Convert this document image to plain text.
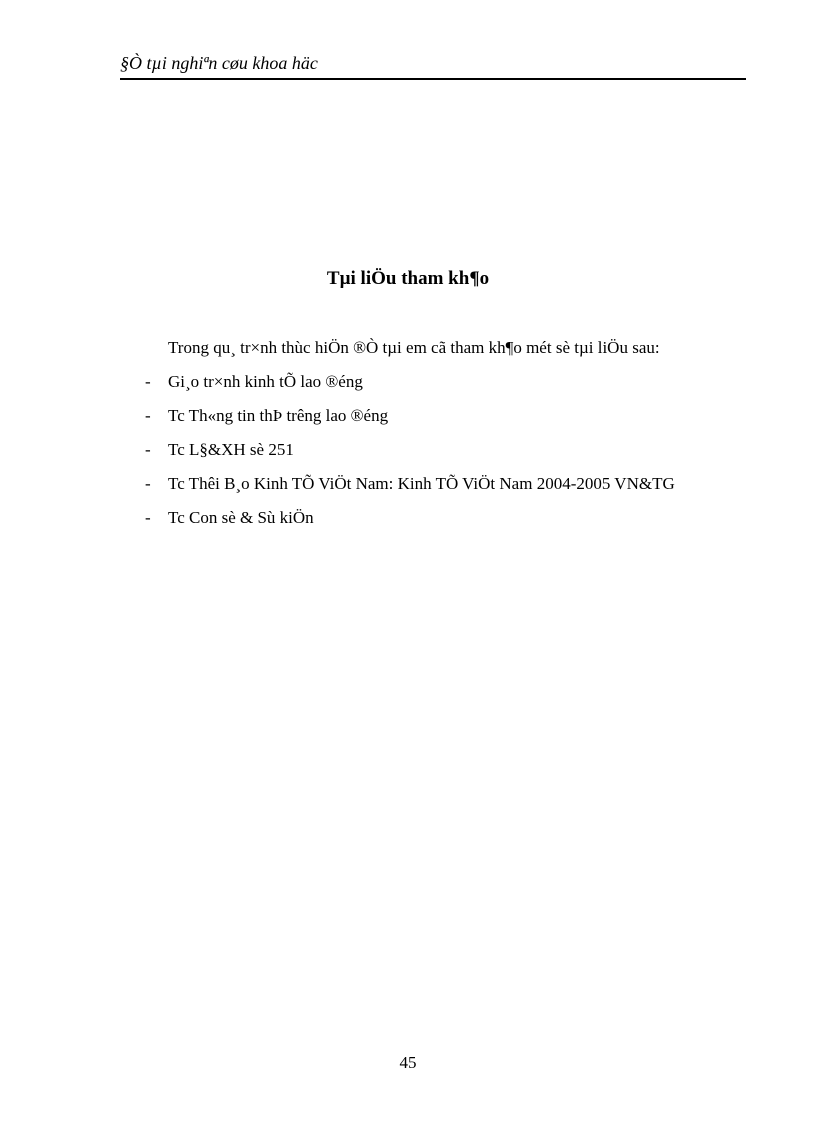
§Ò tµi nghiªn cøu khoa häc
Tµi liÖu tham kh¶o
Trong qu¸ tr×nh thùc hiÖn ®Ò tµi em cã tham kh¶o mét sè tµi liÖu sau:
-	Gi¸o tr×nh kinh tÕ lao ®éng
-	Tc Th«ng tin thÞ trêng lao ®éng
-	Tc L§&XH sè 251
-	Tc Thêi B¸o Kinh TÕ ViÖt Nam: Kinh TÕ ViÖt Nam 2004-2005 VN&TG
-	Tc Con sè & Sù kiÖn
45
